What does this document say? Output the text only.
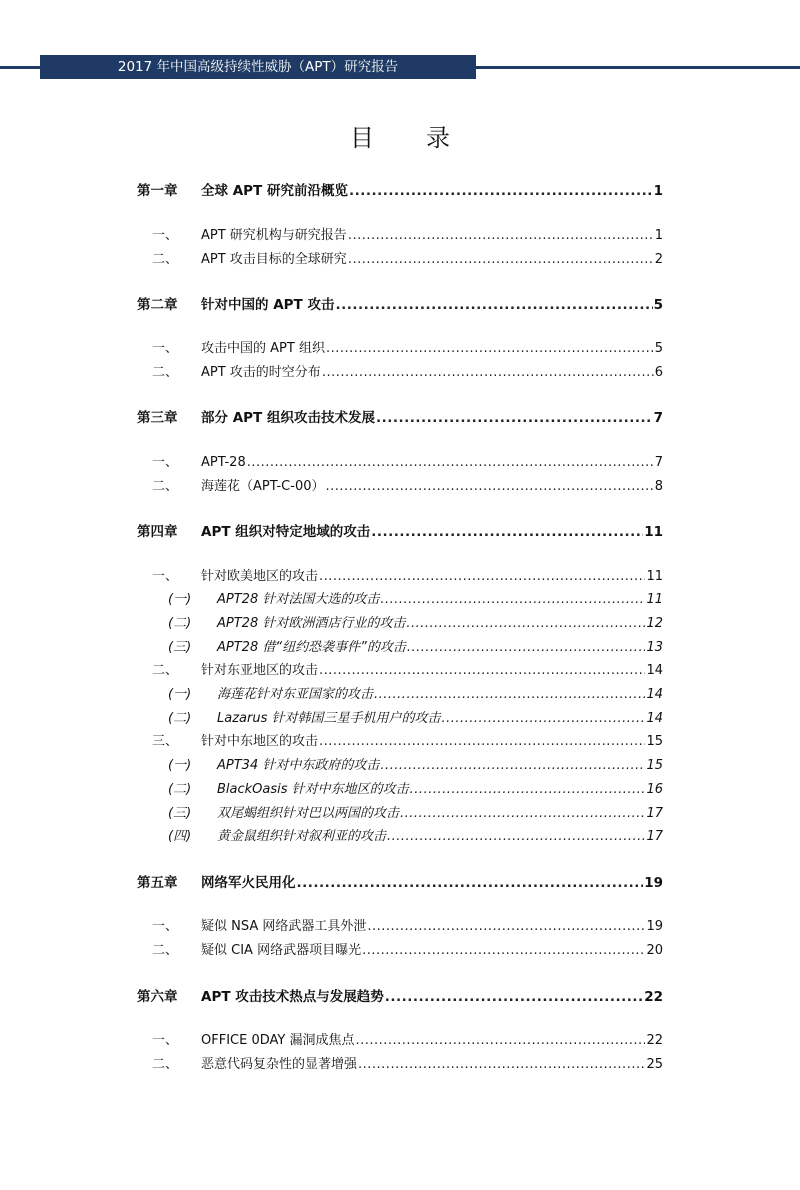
2017 年中国高级持续性威胁（APT）研究报告
目录
第一章	全球 APT 研究前沿概览 .....	1
一、	APT 研究机构与研究报告 .....	1
二、	APT 攻击目标的全球研究 .....	2
第二章	针对中国的 APT 攻击 .....	5
一、	攻击中国的 APT 组织 .....	5
二、	APT 攻击的时空分布 .....	6
第三章	部分 APT 组织攻击技术发展 .....	7
一、	APT-28 .....	7
二、	海莲花（APT-C-00） .....	8
第四章	APT 组织对特定地域的攻击 .....	11
一、	针对欧美地区的攻击 .....	11
(一)	APT28 针对法国大选的攻击 .....	11
(二)	APT28 针对欧洲酒店行业的攻击 .....	12
(三)	APT28 借“纽约恐袭事件”的攻击 .....	13
二、	针对东亚地区的攻击 .....	14
(一)	海莲花针对东亚国家的攻击 .....	14
(二)	Lazarus 针对韩国三星手机用户的攻击 .....	14
三、	针对中东地区的攻击 .....	15
(一)	APT34 针对中东政府的攻击 .....	15
(二)	BlackOasis 针对中东地区的攻击 .....	16
(三)	双尾蝎组织针对巴以两国的攻击 .....	17
(四)	黄金鼠组织针对叙利亚的攻击 .....	17
第五章	网络军火民用化 .....	19
一、	疑似 NSA 网络武器工具外泄 .....	19
二、	疑似 CIA 网络武器项目曝光 .....	20
第六章	APT 攻击技术热点与发展趋势 .....	22
一、	OFFICE 0DAY 漏洞成焦点 .....	22
二、	恶意代码复杂性的显著增强 .....	25
